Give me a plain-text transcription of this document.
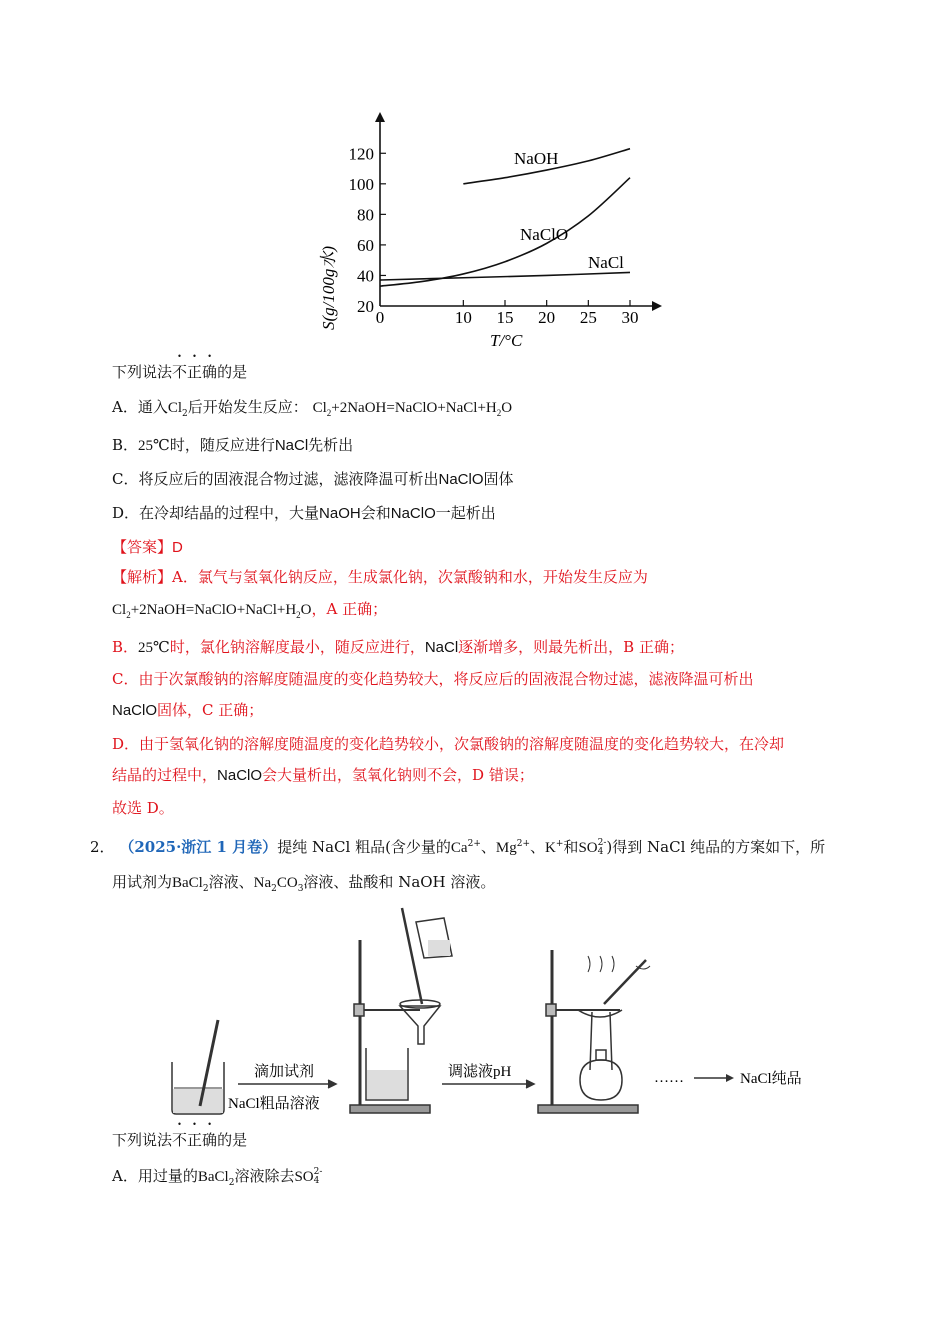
0	10 15 20 25 30
20
40
60
80
100
120	NaOH
NaClO
NaCl
S(g/100g水)
T/°C
下列说法不正确的是
A．通入$Cl_2$后开始发生反应： $Cl_2+2NaOH=NaClO+NaCl+H_2O$
B．25℃时，随反应进行NaCl先析出
C．将反应后的固液混合物过滤，滤液降温可析出NaClO固体
D．在冷却结晶的过程中，大量NaOH会和NaClO一起析出
【答案】D
【解析】A．氯气与氢氧化钠反应，生成氯化钠，次氯酸钠和水，开始发生反应为
$Cl_2+2NaOH=NaClO+NaCl+H_2O$，A 正确；
B．25℃时，氯化钠溶解度最小，随反应进行，NaCl逐渐增多，则最先析出，B 正确；
C．由于次氯酸钠的溶解度随温度的变化趋势较大，将反应后的固液混合物过滤，滤液降温可析出
NaClO固体，C 正确；
D．由于氢氧化钠的溶解度随温度的变化趋势较小，次氯酸钠的溶解度随温度的变化趋势较大，在冷却
结晶的过程中，NaClO会大量析出，氢氧化钠则不会，D 错误；
故选 D。
2． （2025·浙江 1 月卷）提纯 NaCl 粗品(含少量的$Ca^{2+}$、$Mg^{2+}$、K+和SO 2-
4 )得到 NaCl 纯品的方案如下，所
用试剂为BaCl$_2$溶液、$Na_2CO_3$溶液、盐酸和 NaOH 溶液。
滴加试剂	调滤液pH
NaCl粗品溶液
……	NaCl纯品
下列说法不正确的是
A．用过量的BaCl$_2$溶液除去SO 2-
4
